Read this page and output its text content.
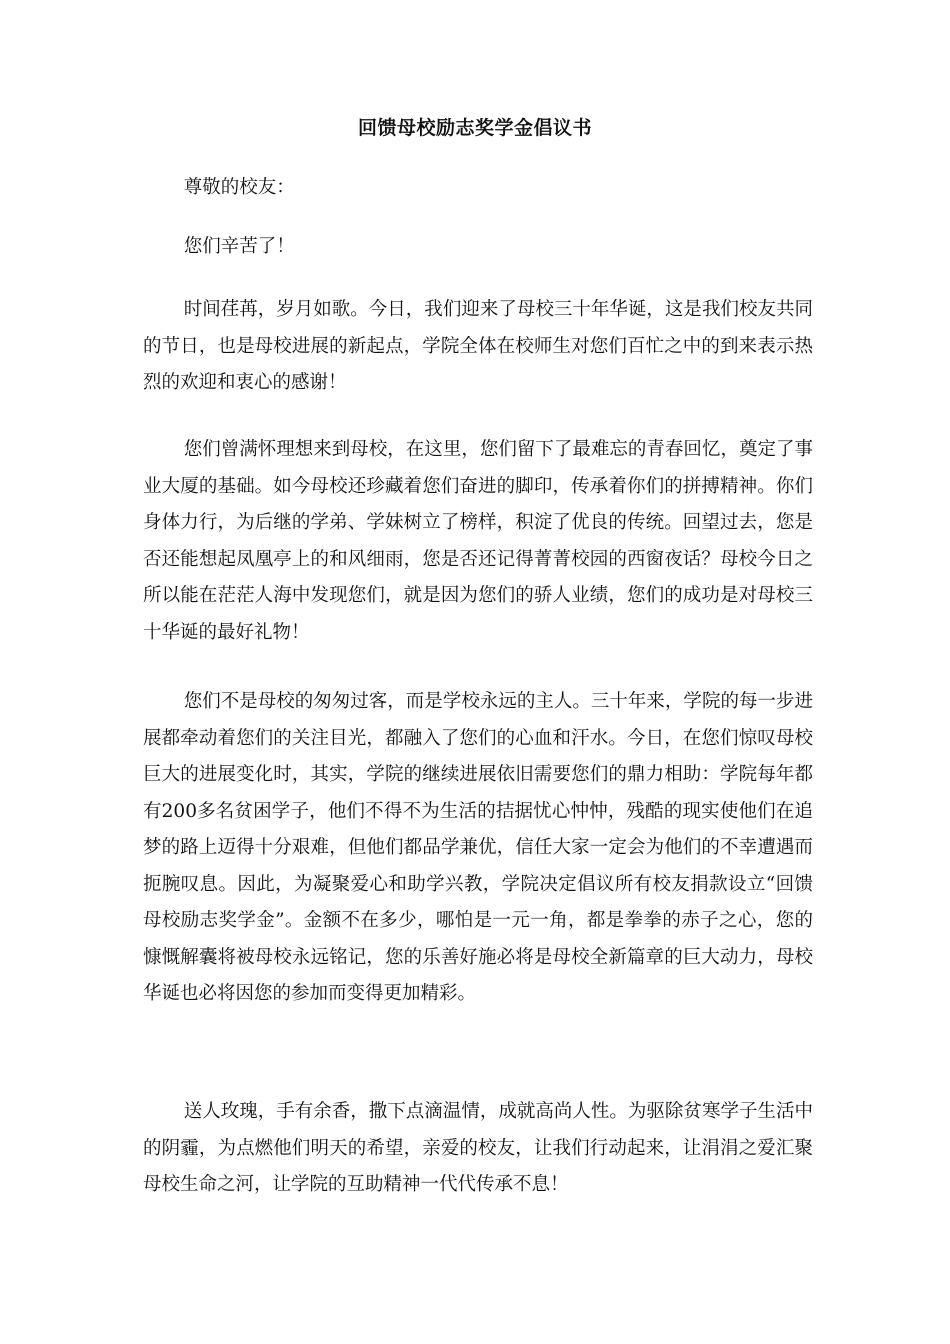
回馈母校励志奖学金倡议书

尊敬的校友：

您们辛苦了！

时间荏苒，岁月如歌。今日，我们迎来了母校三十年华诞，这是我们校友共同的节日，也是母校进展的新起点，学院全体在校师生对您们百忙之中的到来表示热烈的欢迎和衷心的感谢！

您们曾满怀理想来到母校，在这里，您们留下了最难忘的青春回忆，奠定了事业大厦的基础。如今母校还珍藏着您们奋进的脚印，传承着你们的拼搏精神。你们身体力行，为后继的学弟、学妹树立了榜样，积淀了优良的传统。回望过去，您是否还能想起凤凰亭上的和风细雨，您是否还记得菁菁校园的西窗夜话？母校今日之所以能在茫茫人海中发现您们，就是因为您们的骄人业绩，您们的成功是对母校三十华诞的最好礼物！

您们不是母校的匆匆过客，而是学校永远的主人。三十年来，学院的每一步进展都牵动着您们的关注目光，都融入了您们的心血和汗水。今日，在您们惊叹母校巨大的进展变化时，其实，学院的继续进展依旧需要您们的鼎力相助：学院每年都有200多名贫困学子，他们不得不为生活的拮据忧心忡忡，残酷的现实使他们在追梦的路上迈得十分艰难，但他们都品学兼优，信任大家一定会为他们的不幸遭遇而扼腕叹息。因此，为凝聚爱心和助学兴教，学院决定倡议所有校友捐款设立“回馈母校励志奖学金”。金额不在多少，哪怕是一元一角，都是拳拳的赤子之心，您的慷慨解囊将被母校永远铭记，您的乐善好施必将是母校全新篇章的巨大动力，母校华诞也必将因您的参加而变得更加精彩。

送人玫瑰，手有余香，撒下点滴温情，成就高尚人性。为驱除贫寒学子生活中的阴霾，为点燃他们明天的希望，亲爱的校友，让我们行动起来，让涓涓之爱汇聚母校生命之河，让学院的互助精神一代代传承不息！
